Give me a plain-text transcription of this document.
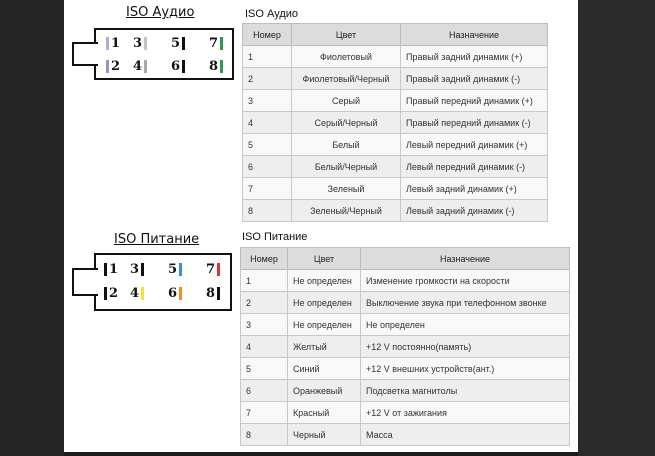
ISO Аудио
1 3 5 7
2 4 6 8
ISO Аудио
Номер	Цвет	Назначение
1	Фиолетовый	Правый задний динамик (+)
2	Фиолетовый/Черный	Правый задний динамик (-)
3	Серый	Правый передний динамик (+)
4	Серый/Черный	Правый передний динамик (-)
5	Белый	Левый передний динамик (+)
6	Белый/Черный	Левый передний динамик (-)
7	Зеленый	Левый задний динамик (+)
8	Зеленый/Черный	Левый задний динамик (-)
ISO Питание
1 3 5 7
2 4 6 8
ISO Питание
Номер	Цвет	Назначение
1	Не определен	Изменение громкости на скорости
2	Не определен	Выключение звука при телефонном звонке
3	Не определен	Не определен
4	Желтый	+12 V постоянно(память)
5	Синий	+12 V внешних устройств(ант.)
6	Оранжевый	Подсветка магнитолы
7	Красный	+12 V от зажигания
8	Черный	Масса
